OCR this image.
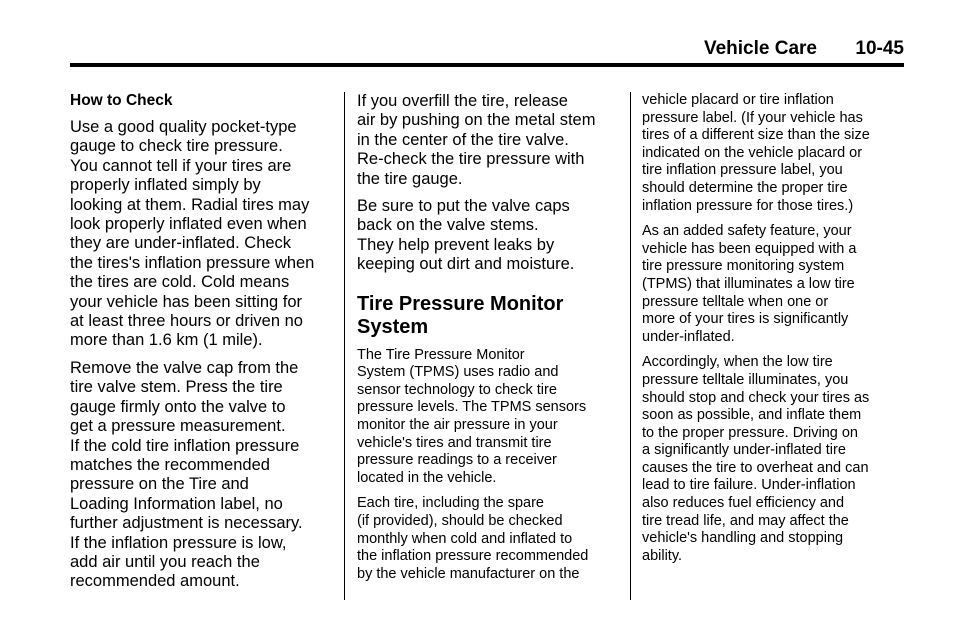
Vehicle Care 10-45
How to Check

Use a good quality pocket-type
gauge to check tire pressure.
You cannot tell if your tires are
properly inflated simply by
looking at them. Radial tires may
look properly inflated even when
they are under-inflated. Check
the tires's inflation pressure when
the tires are cold. Cold means
your vehicle has been sitting for
at least three hours or driven no
more than 1.6 km (1 mile).

Remove the valve cap from the
tire valve stem. Press the tire
gauge firmly onto the valve to
get a pressure measurement.
If the cold tire inflation pressure
matches the recommended
pressure on the Tire and
Loading Information label, no
further adjustment is necessary.
If the inflation pressure is low,
add air until you reach the
recommended amount.

If you overfill the tire, release
air by pushing on the metal stem
in the center of the tire valve.
Re-check the tire pressure with
the tire gauge.

Be sure to put the valve caps
back on the valve stems.
They help prevent leaks by
keeping out dirt and moisture.

Tire Pressure Monitor
System

The Tire Pressure Monitor
System (TPMS) uses radio and
sensor technology to check tire
pressure levels. The TPMS sensors
monitor the air pressure in your
vehicle's tires and transmit tire
pressure readings to a receiver
located in the vehicle.

Each tire, including the spare
(if provided), should be checked
monthly when cold and inflated to
the inflation pressure recommended
by the vehicle manufacturer on the

vehicle placard or tire inflation
pressure label. (If your vehicle has
tires of a different size than the size
indicated on the vehicle placard or
tire inflation pressure label, you
should determine the proper tire
inflation pressure for those tires.)

As an added safety feature, your
vehicle has been equipped with a
tire pressure monitoring system
(TPMS) that illuminates a low tire
pressure telltale when one or
more of your tires is significantly
under-inflated.

Accordingly, when the low tire
pressure telltale illuminates, you
should stop and check your tires as
soon as possible, and inflate them
to the proper pressure. Driving on
a significantly under-inflated tire
causes the tire to overheat and can
lead to tire failure. Under-inflation
also reduces fuel efficiency and
tire tread life, and may affect the
vehicle's handling and stopping
ability.
